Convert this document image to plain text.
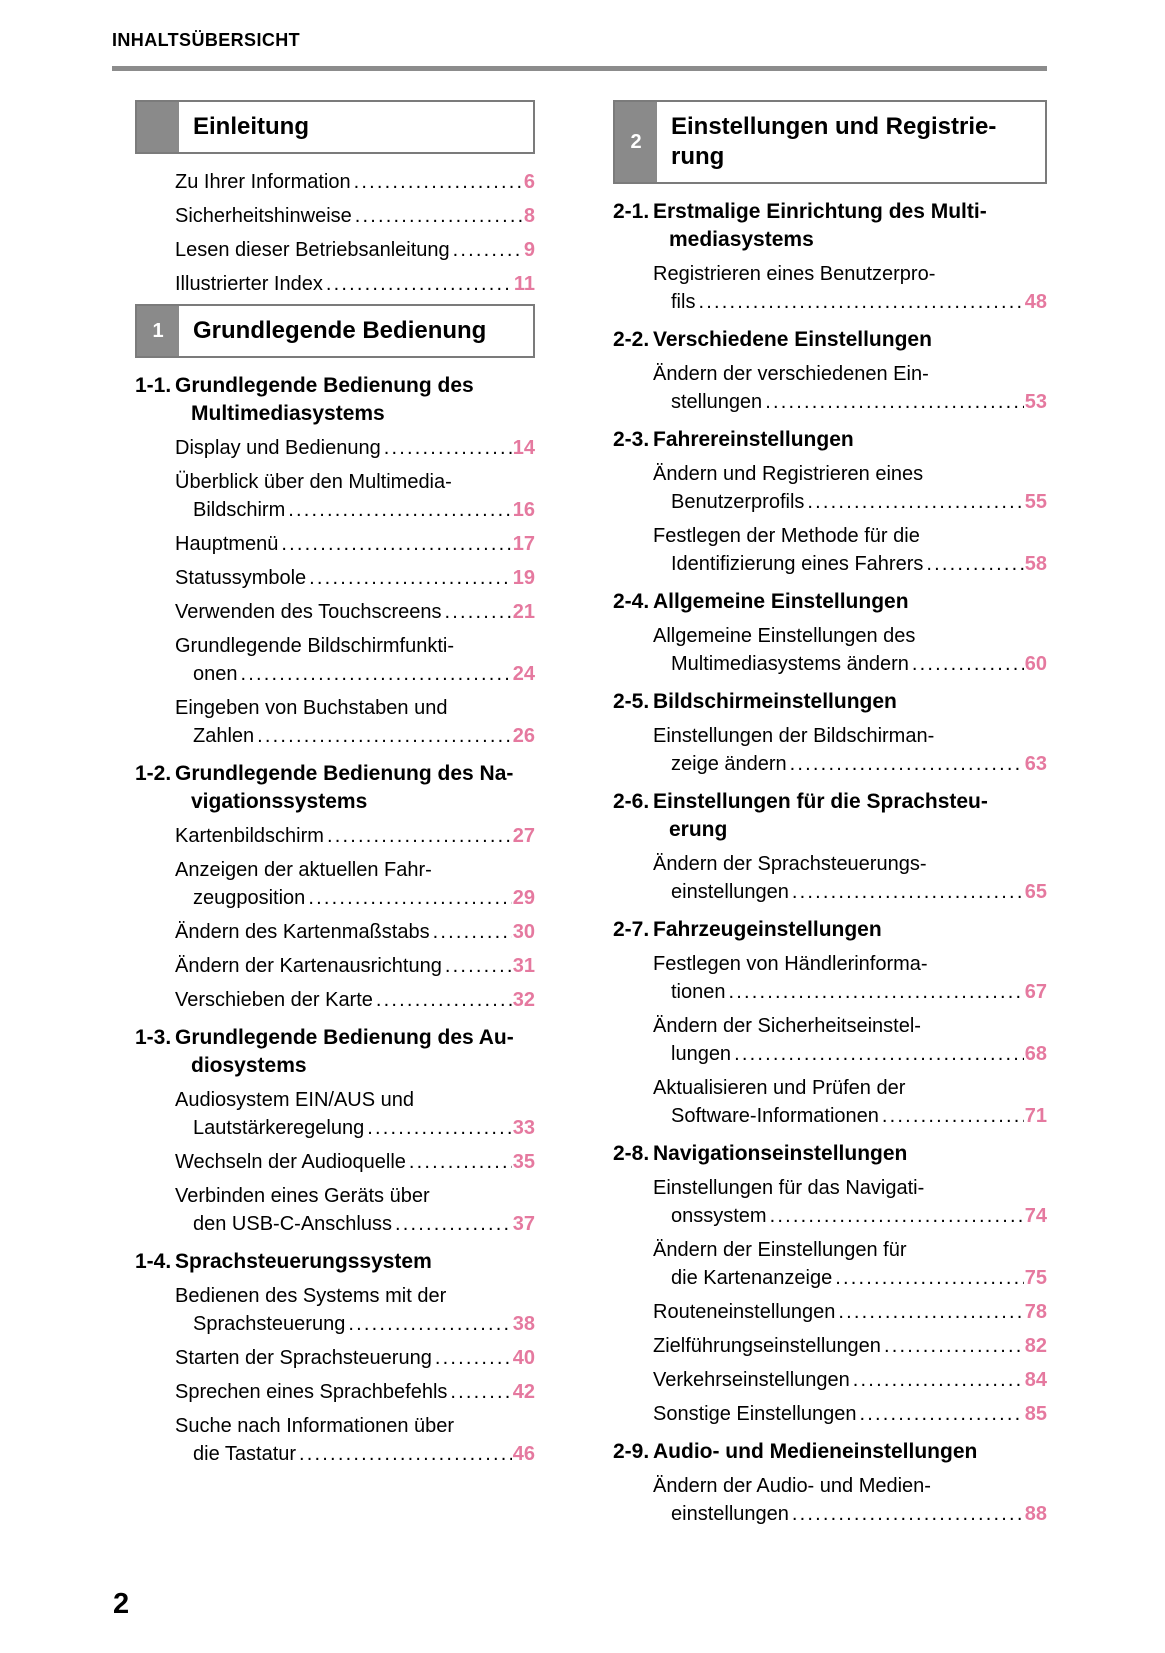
INHALTSÜBERSICHT
Einleitung
Zu Ihrer Information .....	6
Sicherheitshinweise .....	8
Lesen dieser Betriebsanleitung .....	9
Illustrierter Index .....	11
1	Grundlegende Bedienung
1-1. Grundlegende Bedienung des
Multimediasystems
Display und Bedienung .....	14
Überblick über den Multimedia-
Bildschirm .....	16
Hauptmenü .....	17
Statussymbole .....	19
Verwenden des Touchscreens .....	21
Grundlegende Bildschirmfunkti-
onen .....	24
Eingeben von Buchstaben und
Zahlen .....	26
1-2. Grundlegende Bedienung des Na-
vigationssystems
Kartenbildschirm .....	27
Anzeigen der aktuellen Fahr-
zeugposition .....	29
Ändern des Kartenmaßstabs .....	30
Ändern der Kartenausrichtung .....	31
Verschieben der Karte .....	32
1-3. Grundlegende Bedienung des Au-
diosystems
Audiosystem EIN/AUS und
Lautstärkeregelung .....	33
Wechseln der Audioquelle .....	35
Verbinden eines Geräts über
den USB-C-Anschluss .....	37
1-4. Sprachsteuerungssystem
Bedienen des Systems mit der
Sprachsteuerung .....	38
Starten der Sprachsteuerung .....	40
Sprechen eines Sprachbefehls .....	42
Suche nach Informationen über
die Tastatur .....	46
2
Einstellungen und Registrie-
rung
2-1. Erstmalige Einrichtung des Multi-
mediasystems
Registrieren eines Benutzerpro-
fils .....	48
2-2. Verschiedene Einstellungen
Ändern der verschiedenen Ein-
stellungen .....	53
2-3. Fahrereinstellungen
Ändern und Registrieren eines
Benutzerprofils .....	55
Festlegen der Methode für die
Identifizierung eines Fahrers .....	58
2-4. Allgemeine Einstellungen
Allgemeine Einstellungen des
Multimediasystems ändern .....	60
2-5. Bildschirmeinstellungen
Einstellungen der Bildschirman-
zeige ändern .....	63
2-6. Einstellungen für die Sprachsteu-
erung
Ändern der Sprachsteuerungs-
einstellungen .....	65
2-7. Fahrzeugeinstellungen
Festlegen von Händlerinforma-
tionen .....	67
Ändern der Sicherheitseinstel-
lungen .....	68
Aktualisieren und Prüfen der
Software-Informationen .....	71
2-8. Navigationseinstellungen
Einstellungen für das Navigati-
onssystem .....	74
Ändern der Einstellungen für
die Kartenanzeige .....	75
Routeneinstellungen .....	78
Zielführungseinstellungen .....	82
Verkehrseinstellungen .....	84
Sonstige Einstellungen .....	85
2-9. Audio- und Medieneinstellungen
Ändern der Audio- und Medien-
einstellungen .....	88
2
